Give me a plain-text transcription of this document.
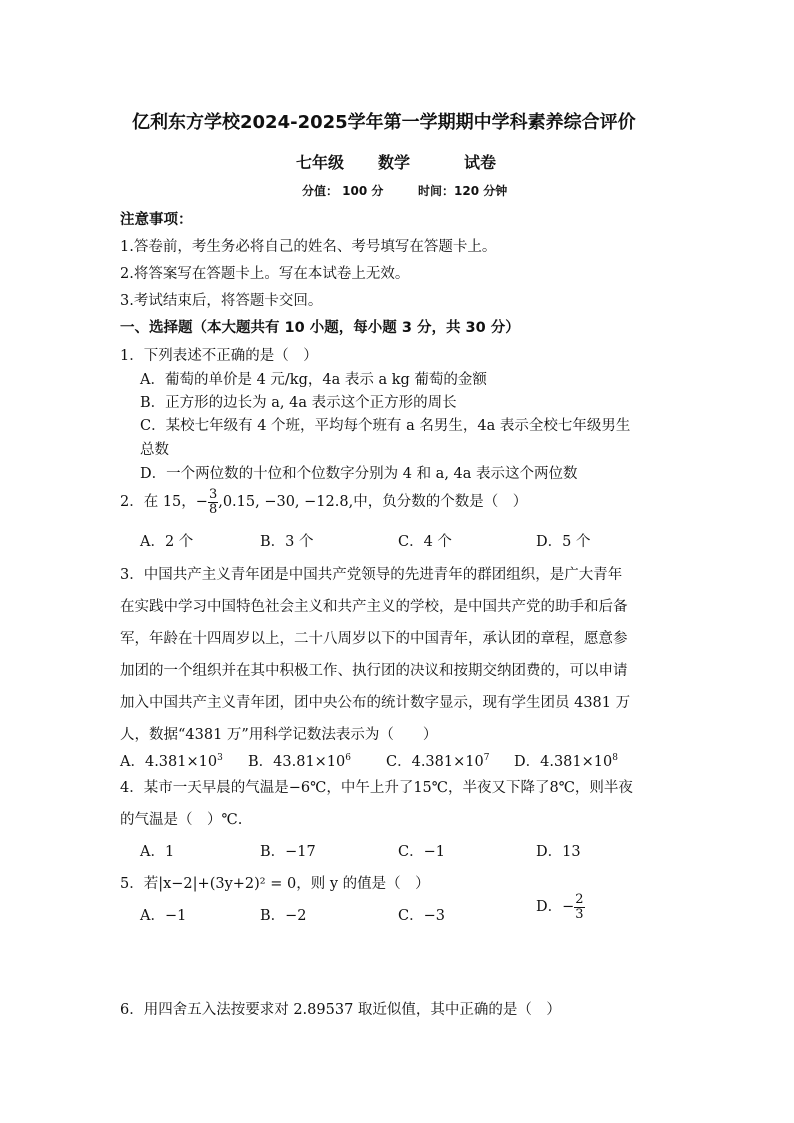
亿利东方学校2024-2025学年第一学期期中学科素养综合评价
七年级 数学	试卷
分值： 100 分	时间：120 分钟
注意事项：
1.答卷前，考生务必将自己的姓名、考号填写在答题卡上。
2.将答案写在答题卡上。写在本试卷上无效。
3.考试结束后，将答题卡交回。
一、选择题（本大题共有 10 小题，每小题 3 分，共 30 分）
1．下列表述不正确的是（　）
A．葡萄的单价是 4 元/kg，4a 表示 a kg 葡萄的金额
B．正方形的边长为 a, 4a 表示这个正方形的周长
C．某校七年级有 4 个班，平均每个班有 a 名男生，4a 表示全校七年级男生
总数
D．一个两位数的十位和个位数字分别为 4 和 a, 4a 表示这个两位数
2．在 15，− $\frac{3}{8} ,0.15$, −30, −12.8,中，负分数的个数是（　）
A．2 个	B．3 个	C．4 个	D．5 个
3．中国共产主义青年团是中国共产党领导的先进青年的群团组织，是广大青年
在实践中学习中国特色社会主义和共产主义的学校，是中国共产党的助手和后备
军，年龄在十四周岁以上，二十八周岁以下的中国青年，承认团的章程，愿意参
加团的一个组织并在其中积极工作、执行团的决议和按期交纳团费的，可以申请
加入中国共产主义青年团，团中央公布的统计数字显示，现有学生团员 4381 万
人，数据“4381 万”用科学记数法表示为（　　）
A．$4.381\times 10^3$ B．$43.81\times 10^6$ C．$4.381\times 10^7$ D．$4.381\times 10^8$
4．某市一天早晨的气温是−6℃，中午上升了15℃，半夜又下降了8℃，则半夜
的气温是（　）℃.
A．1	B．−17	C．−1	D．13
5．若|x−2|+(3y+2)² = 0，则 y 的值是（　）
A．−1	B．−2	C．−3
D．− $\frac{2}{3}$
6．用四舍五入法按要求对 2.89537 取近似值，其中正确的是（　）
